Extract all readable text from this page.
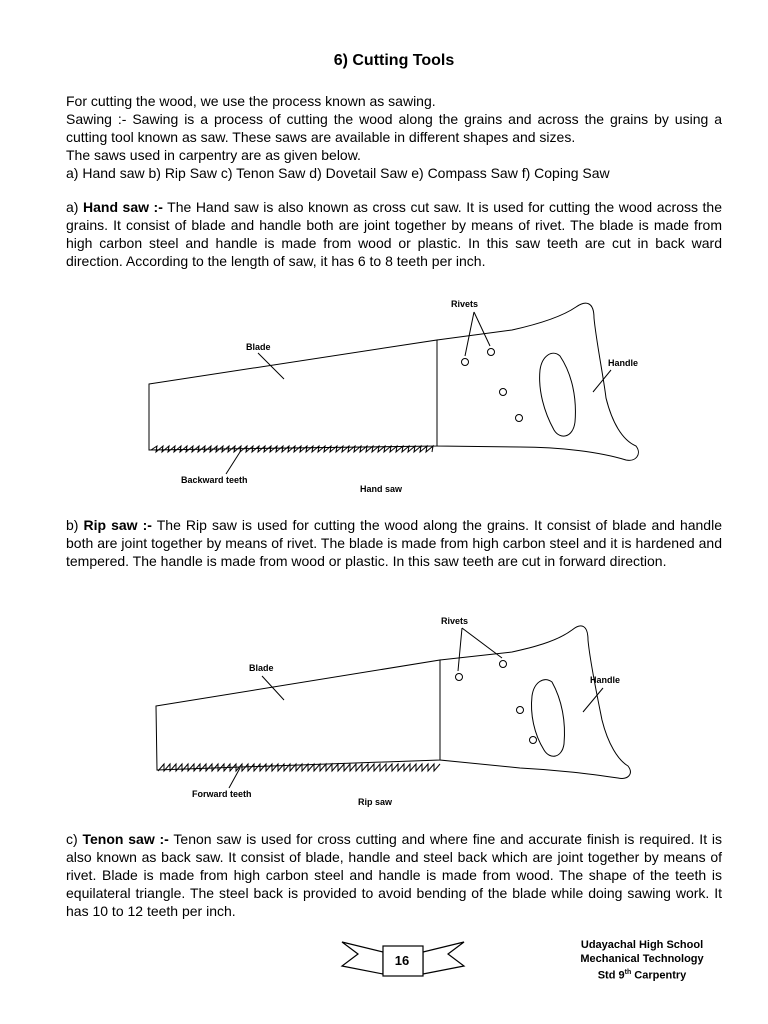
6) Cutting Tools
For cutting the wood, we use the process known as sawing.
Sawing :- Sawing is a process of cutting the wood along the grains and across the grains by using a cutting tool known as saw. These saws are available in different shapes and sizes.
The saws used in carpentry are as given below.
a) Hand saw b) Rip Saw c) Tenon Saw d) Dovetail Saw e) Compass Saw f) Coping Saw

a) Hand saw :- The Hand saw is also known as cross cut saw. It is used for cutting the wood across the grains. It consist of blade and handle both are joint together by means of rivet. The blade is made from high carbon steel and handle is made from wood or plastic. In this saw teeth are cut in back ward direction. According to the length of saw, it has 6 to 8 teeth per inch.

Rivets
Blade
Handle
Backward teeth
Hand saw

b) Rip saw :- The Rip saw is used for cutting the wood along the grains. It consist of blade and handle both are joint together by means of rivet. The blade is made from high carbon steel and it is hardened and tempered. The handle is made from wood or plastic. In this saw teeth are cut in forward direction.

Rivets
Blade
Handle
Forward teeth
Rip saw

c) Tenon saw :- Tenon saw is used for cross cutting and where fine and accurate finish is required. It is also known as back saw. It consist of blade, handle and steel back which are joint together by means of rivet. Blade is made from high carbon steel and handle is made from wood. The shape of the teeth is equilateral triangle. The steel back is provided to avoid bending of the blade while doing sawing work. It has 10 to 12 teeth per inch.

16
Udayachal High School
Mechanical Technology
Std 9th Carpentry
